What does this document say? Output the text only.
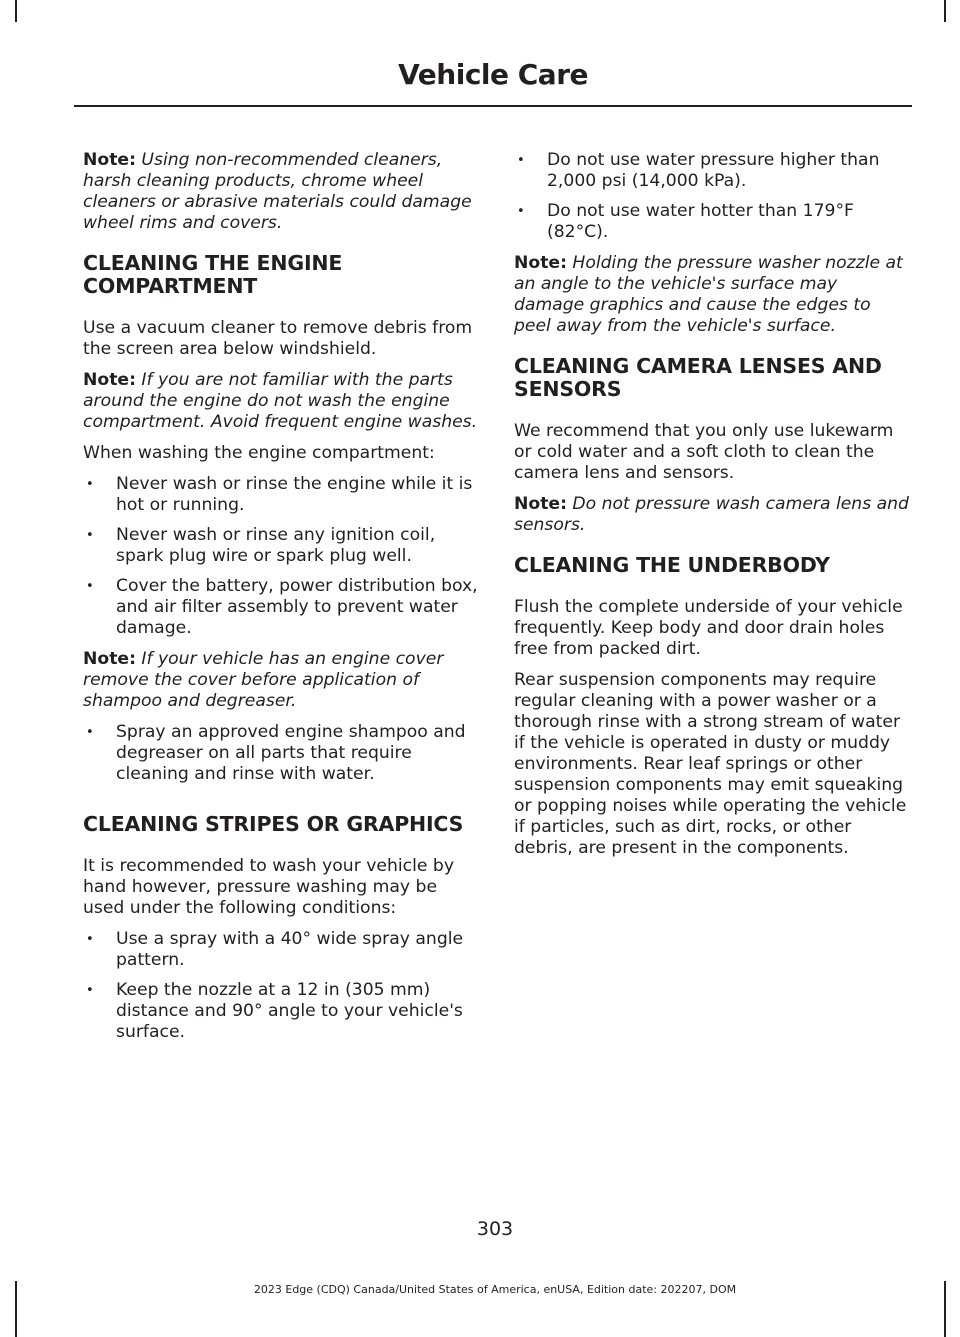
Vehicle Care

Note: Using non-recommended cleaners, harsh cleaning products, chrome wheel cleaners or abrasive materials could damage wheel rims and covers.

CLEANING THE ENGINE COMPARTMENT

Use a vacuum cleaner to remove debris from the screen area below windshield.

Note: If you are not familiar with the parts around the engine do not wash the engine compartment. Avoid frequent engine washes.

When washing the engine compartment:

• Never wash or rinse the engine while it is hot or running.
• Never wash or rinse any ignition coil, spark plug wire or spark plug well.
• Cover the battery, power distribution box, and air filter assembly to prevent water damage.

Note: If your vehicle has an engine cover remove the cover before application of shampoo and degreaser.

• Spray an approved engine shampoo and degreaser on all parts that require cleaning and rinse with water.
CLEANING STRIPES OR GRAPHICS

It is recommended to wash your vehicle by hand however, pressure washing may be used under the following conditions:

• Use a spray with a 40° wide spray angle pattern.
• Keep the nozzle at a 12 in (305 mm) distance and 90° angle to your vehicle's surface.
• Do not use water pressure higher than 2,000 psi (14,000 kPa).
• Do not use water hotter than 179°F (82°C).

Note: Holding the pressure washer nozzle at an angle to the vehicle's surface may damage graphics and cause the edges to peel away from the vehicle's surface.

CLEANING CAMERA LENSES AND SENSORS

We recommend that you only use lukewarm or cold water and a soft cloth to clean the camera lens and sensors.

Note: Do not pressure wash camera lens and sensors.

CLEANING THE UNDERBODY

Flush the complete underside of your vehicle frequently. Keep body and door drain holes free from packed dirt.

Rear suspension components may require regular cleaning with a power washer or a thorough rinse with a strong stream of water if the vehicle is operated in dusty or muddy environments. Rear leaf springs or other suspension components may emit squeaking or popping noises while operating the vehicle if particles, such as dirt, rocks, or other debris, are present in the components.

303
2023 Edge (CDQ) Canada/United States of America, enUSA, Edition date: 202207, DOM
